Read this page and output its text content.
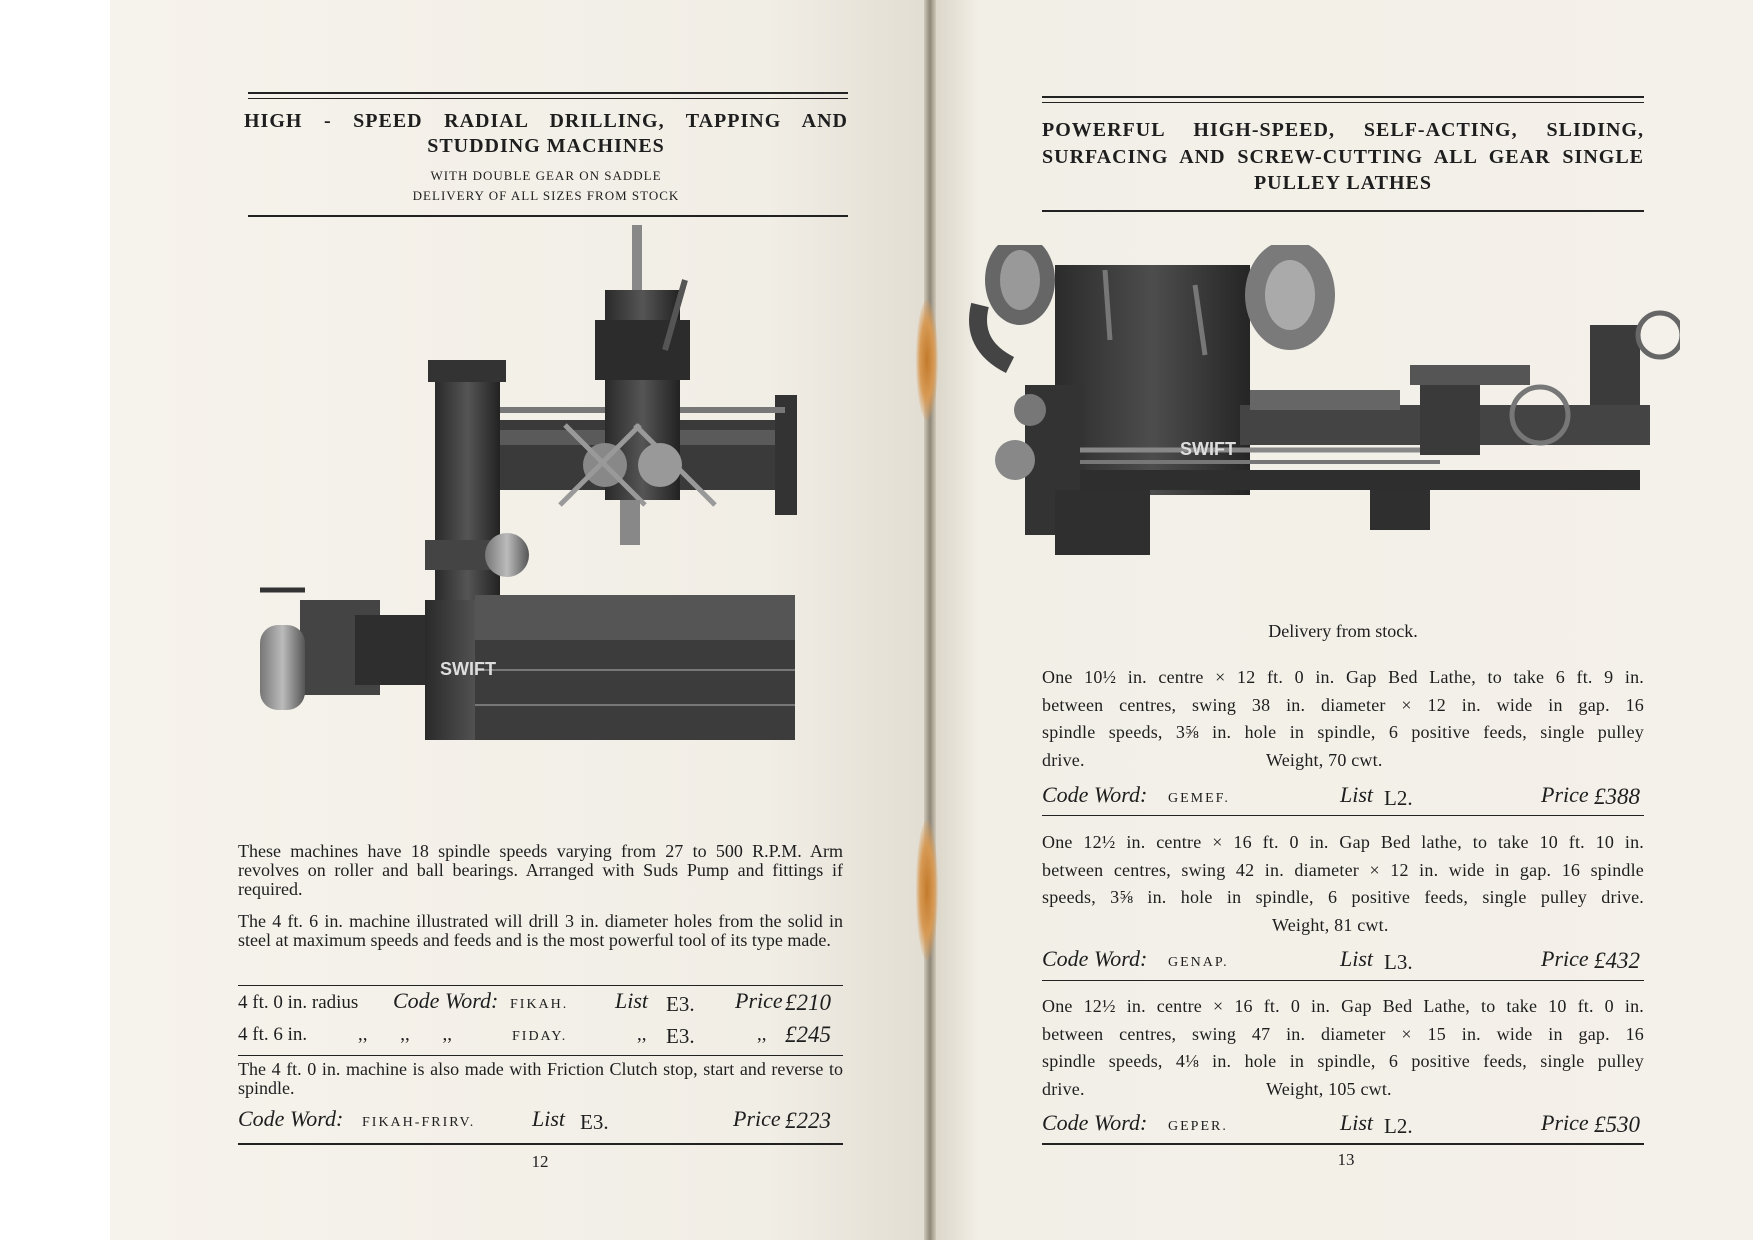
HIGH - SPEED RADIAL DRILLING, TAPPING AND
STUDDING MACHINES
WITH DOUBLE GEAR ON SADDLE
DELIVERY OF ALL SIZES FROM STOCK
SWIFT
These machines have 18 spindle speeds varying from 27 to 500 R.P.M. Arm revolves on roller and ball bearings. Arranged with Suds Pump and fittings if required.
The 4 ft. 6 in. machine illustrated will drill 3 in. diameter holes from the solid in steel at maximum speeds and feeds and is the most powerful tool of its type made.
4 ft. 0 in. radius	Code Word: FIKAH. List E3. Price £210
4 ft. 6 in.	,, ,, ,,	FIDAY.	,, E3.	,, £245
The 4 ft. 0 in. machine is also made with Friction Clutch stop, start and reverse to spindle.
Code Word: FIKAH-FRIRV.	List E3.	Price £223
12
POWERFUL HIGH-SPEED, SELF-ACTING, SLIDING,
SURFACING AND SCREW-CUTTING ALL GEAR SINGLE
PULLEY LATHES
SWIFT
Delivery from stock.
One 10½ in. centre × 12 ft. 0 in. Gap Bed Lathe, to take 6 ft. 9 in.
between centres, swing 38 in. diameter × 12 in. wide in gap. 16
spindle speeds, 3⅝ in. hole in spindle, 6 positive feeds, single pulley
drive.	Weight, 70 cwt.
Code Word: GEMEF.	List L2.	Price £388
One 12½ in. centre × 16 ft. 0 in. Gap Bed lathe, to take 10 ft. 10 in.
between centres, swing 42 in. diameter × 12 in. wide in gap. 16 spindle
speeds, 3⅝ in. hole in spindle, 6 positive feeds, single pulley drive.
Weight, 81 cwt.
Code Word: GENAP.	List L3.	Price £432
One 12½ in. centre × 16 ft. 0 in. Gap Bed Lathe, to take 10 ft. 0 in.
between centres, swing 47 in. diameter × 15 in. wide in gap. 16
spindle speeds, 4⅛ in. hole in spindle, 6 positive feeds, single pulley
drive.	Weight, 105 cwt.
Code Word: GEPER.	List L2.	Price £530
13
